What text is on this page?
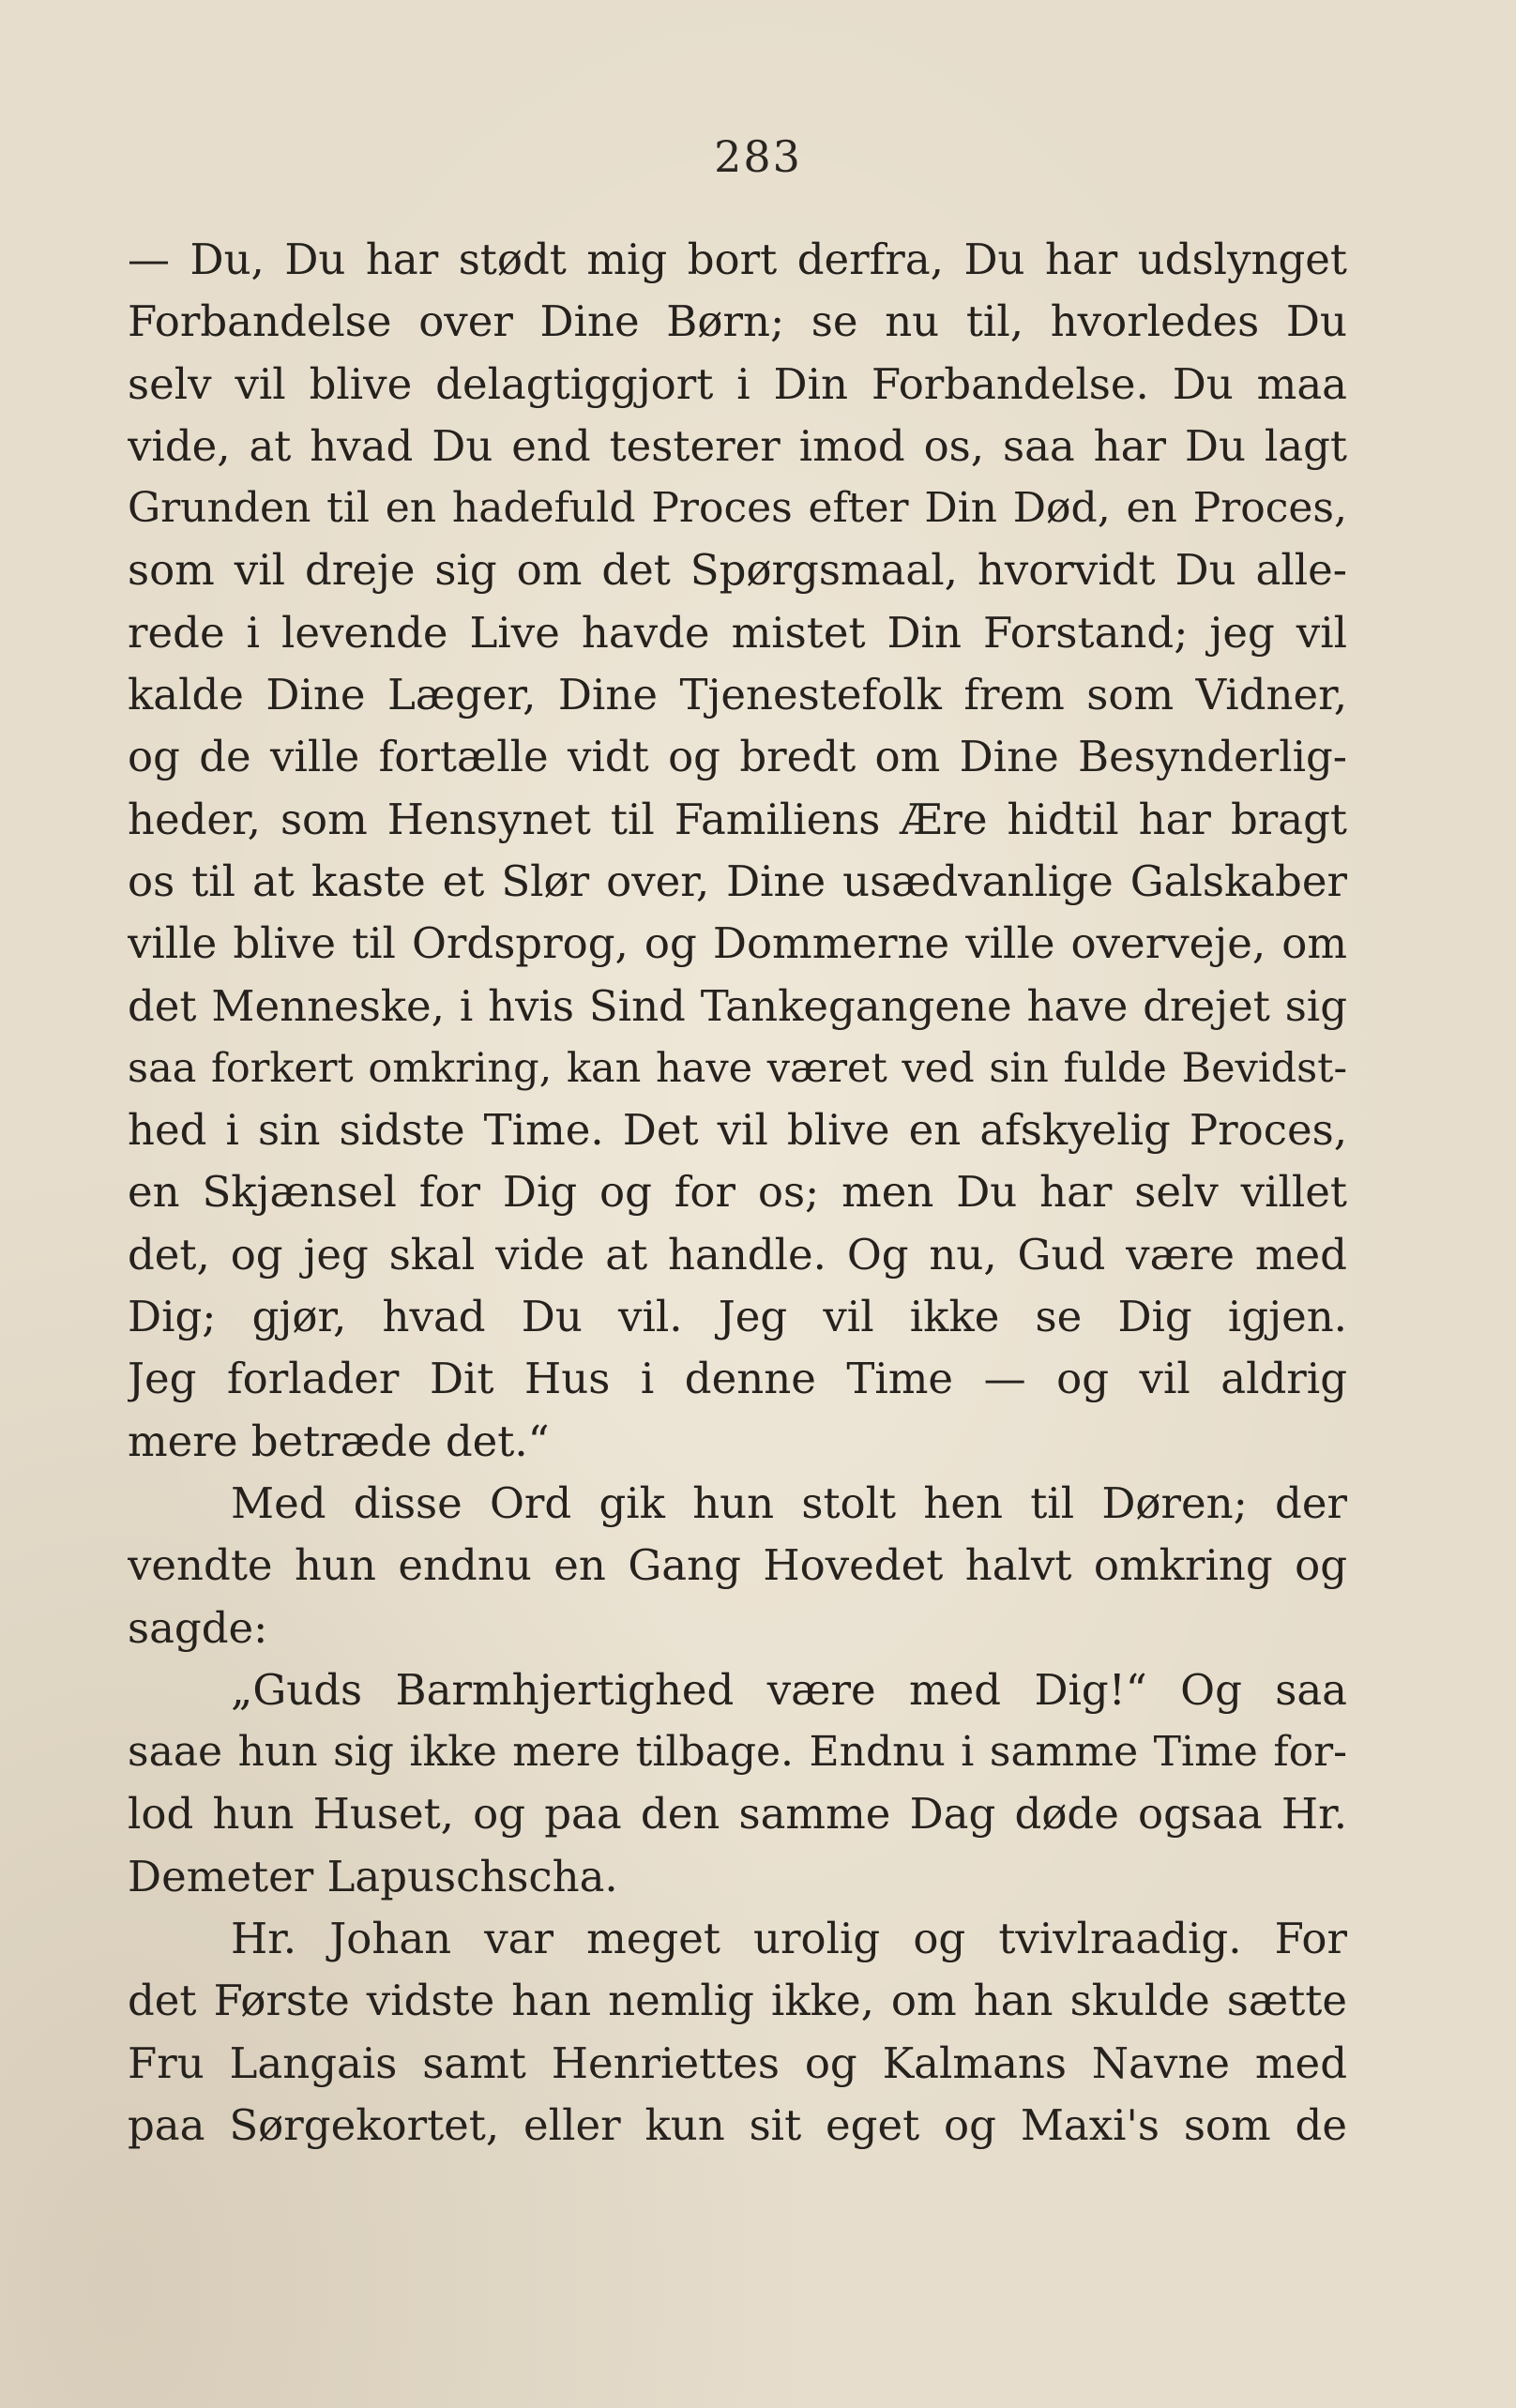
283
— Du, Du har stødt mig bort derfra, Du har udslynget
Forbandelse over Dine Børn; se nu til, hvorledes Du
selv vil blive delagtiggjort i Din Forbandelse. Du maa
vide, at hvad Du end testerer imod os, saa har Du lagt
Grunden til en hadefuld Proces efter Din Død, en Proces,
som vil dreje sig om det Spørgsmaal, hvorvidt Du alle-
rede i levende Live havde mistet Din Forstand; jeg vil
kalde Dine Læger, Dine Tjenestefolk frem som Vidner,
og de ville fortælle vidt og bredt om Dine Besynderlig-
heder, som Hensynet til Familiens Ære hidtil har bragt
os til at kaste et Slør over, Dine usædvanlige Galskaber
ville blive til Ordsprog, og Dommerne ville overveje, om
det Menneske, i hvis Sind Tankegangene have drejet sig
saa forkert omkring, kan have været ved sin fulde Bevidst-
hed i sin sidste Time. Det vil blive en afskyelig Proces,
en Skjænsel for Dig og for os; men Du har selv villet
det, og jeg skal vide at handle. Og nu, Gud være med
Dig; gjør, hvad Du vil. Jeg vil ikke se Dig igjen.
Jeg forlader Dit Hus i denne Time — og vil aldrig
mere betræde det.“
Med disse Ord gik hun stolt hen til Døren; der
vendte hun endnu en Gang Hovedet halvt omkring og
sagde:
„Guds Barmhjertighed være med Dig!“ Og saa
saae hun sig ikke mere tilbage. Endnu i samme Time for-
lod hun Huset, og paa den samme Dag døde ogsaa Hr.
Demeter Lapuschscha.
Hr. Johan var meget urolig og tvivlraadig. For
det Første vidste han nemlig ikke, om han skulde sætte
Fru Langais samt Henriettes og Kalmans Navne med
paa Sørgekortet, eller kun sit eget og Maxi's som de
